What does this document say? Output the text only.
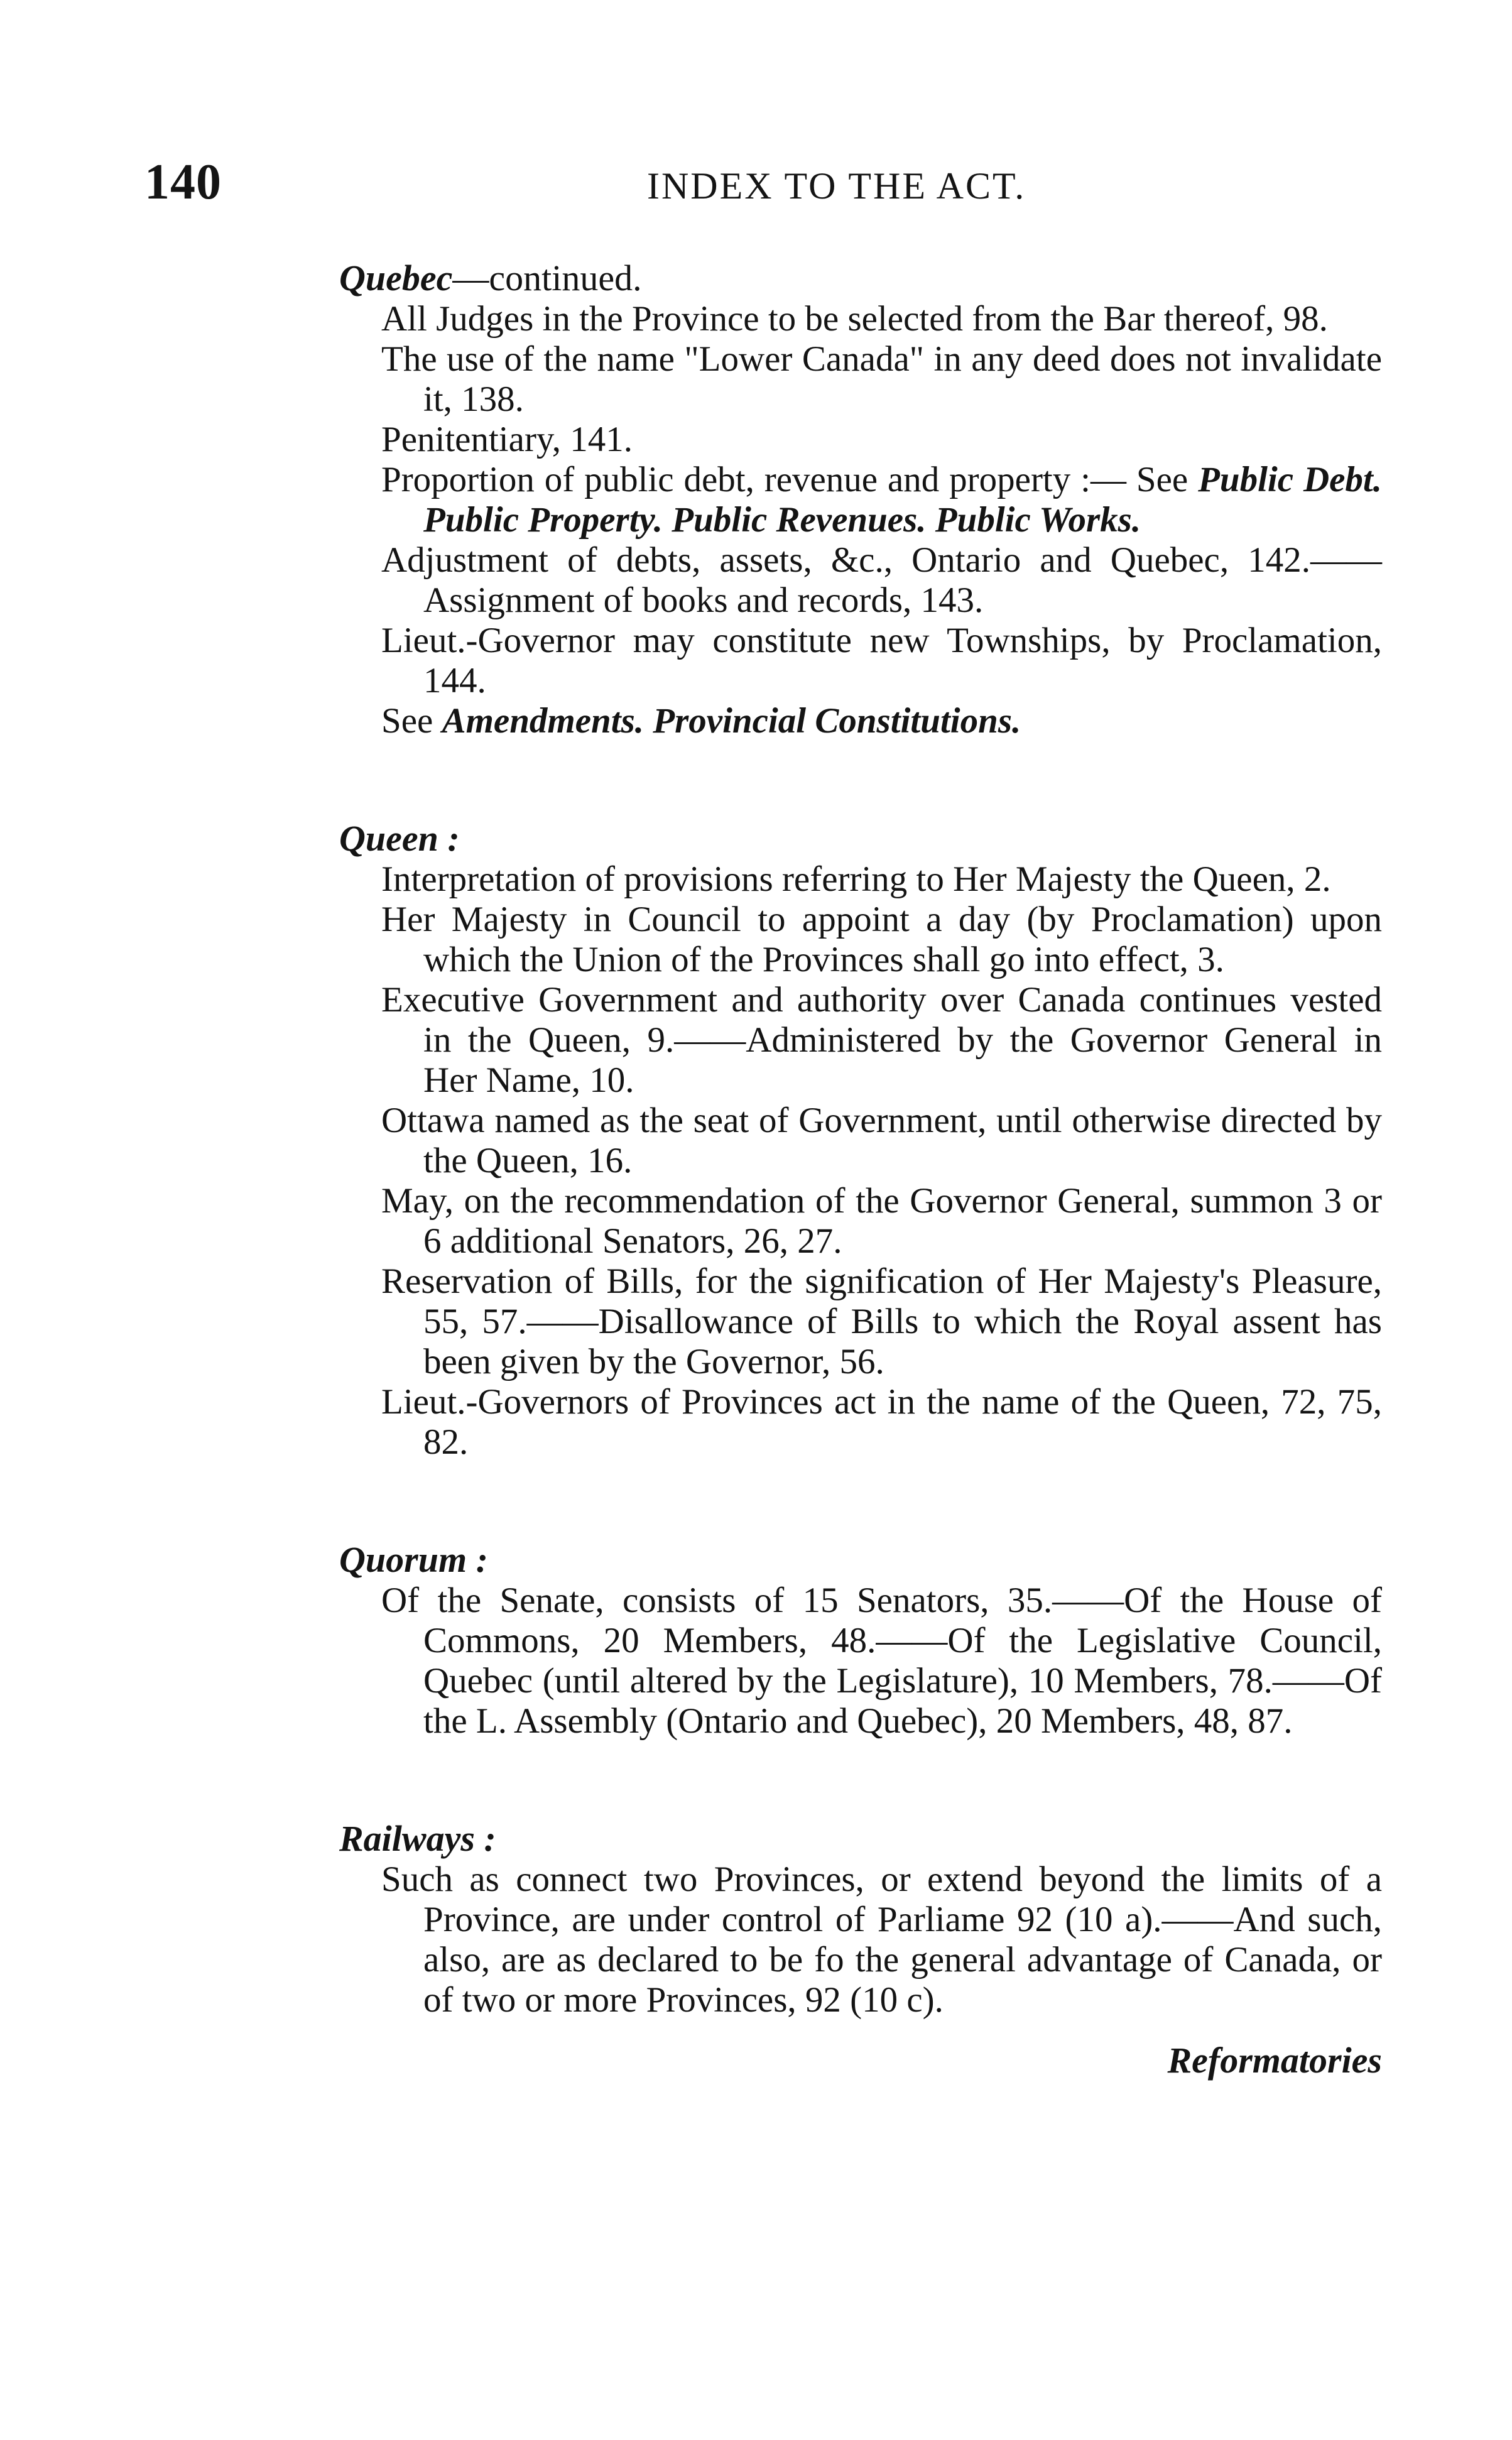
140	INDEX TO THE ACT.
Quebec—continued.
All Judges in the Province to be selected from the Bar thereof, 98.
The use of the name "Lower Canada" in any deed does not invalidate it, 138.
Penitentiary, 141.
Proportion of public debt, revenue and property :— See Public Debt. Public Property. Public Revenues. Public Works.
Adjustment of debts, assets, &c., Ontario and Quebec, 142.——Assignment of books and records, 143.
Lieut.-Governor may constitute new Townships, by Proclamation, 144.
See Amendments. Provincial Constitutions.
Queen :
Interpretation of provisions referring to Her Majesty the Queen, 2.
Her Majesty in Council to appoint a day (by Proclamation) upon which the Union of the Provinces shall go into effect, 3.
Executive Government and authority over Canada continues vested in the Queen, 9.——Administered by the Governor General in Her Name, 10.
Ottawa named as the seat of Government, until otherwise directed by the Queen, 16.
May, on the recommendation of the Governor General, summon 3 or 6 additional Senators, 26, 27.
Reservation of Bills, for the signification of Her Majesty's Pleasure, 55, 57.——Disallowance of Bills to which the Royal assent has been given by the Governor, 56.
Lieut.-Governors of Provinces act in the name of the Queen, 72, 75, 82.
Quorum :
Of the Senate, consists of 15 Senators, 35.——Of the House of Commons, 20 Members, 48.——Of the Legislative Council, Quebec (until altered by the Legislature), 10 Members, 78.——Of the L. Assembly (Ontario and Quebec), 20 Members, 48, 87.
Railways :
Such as connect two Provinces, or extend beyond the limits of a Province, are under control of Parliame 92 (10 a).——And such, also, are as declared to be fo the general advantage of Canada, or of two or more Provinces, 92 (10 c).
Reformatories
